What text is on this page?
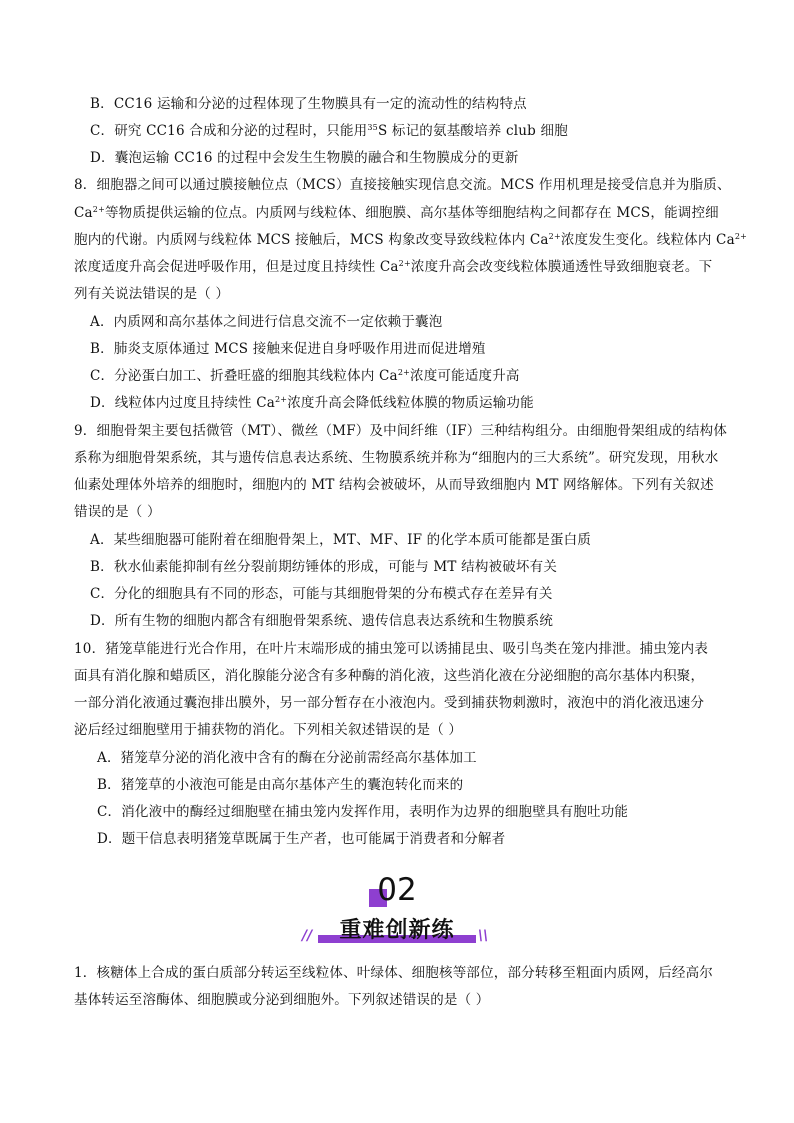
B．CC16 运输和分泌的过程体现了生物膜具有一定的流动性的结构特点
C．研究 CC16 合成和分泌的过程时，只能用$^{35}$S 标记的氨基酸培养 club 细胞
D．囊泡运输 CC16 的过程中会发生生物膜的融合和生物膜成分的更新
8．细胞器之间可以通过膜接触位点（MCS）直接接触实现信息交流。MCS 作用机理是接受信息并为脂质、
$Ca^{2+}$等物质提供运输的位点。内质网与线粒体、细胞膜、高尔基体等细胞结构之间都存在 MCS，能调控细
胞内的代谢。内质网与线粒体 MCS 接触后，MCS 构象改变导致线粒体内 $Ca^{2+}$浓度发生变化。线粒体内 $Ca^{2+}$
浓度适度升高会促进呼吸作用，但是过度且持续性 $Ca^{2+}$浓度升高会改变线粒体膜通透性导致细胞衰老。下
列有关说法错误的是（ ）
A．内质网和高尔基体之间进行信息交流不一定依赖于囊泡
B．肺炎支原体通过 MCS 接触来促进自身呼吸作用进而促进增殖
C．分泌蛋白加工、折叠旺盛的细胞其线粒体内 $Ca^{2+}$浓度可能适度升高
D．线粒体内过度且持续性 $Ca^{2+}$浓度升高会降低线粒体膜的物质运输功能
9．细胞骨架主要包括微管（MT）、微丝（MF）及中间纤维（IF）三种结构组分。由细胞骨架组成的结构体
系称为细胞骨架系统，其与遗传信息表达系统、生物膜系统并称为“细胞内的三大系统”。研究发现，用秋水
仙素处理体外培养的细胞时，细胞内的 MT 结构会被破坏，从而导致细胞内 MT 网络解体。下列有关叙述
错误的是（ ）
A．某些细胞器可能附着在细胞骨架上，MT、MF、IF 的化学本质可能都是蛋白质
B．秋水仙素能抑制有丝分裂前期纺锤体的形成，可能与 MT 结构被破坏有关
C．分化的细胞具有不同的形态，可能与其细胞骨架的分布模式存在差异有关
D．所有生物的细胞内都含有细胞骨架系统、遗传信息表达系统和生物膜系统
10．猪笼草能进行光合作用，在叶片末端形成的捕虫笼可以诱捕昆虫、吸引鸟类在笼内排泄。捕虫笼内表
面具有消化腺和蜡质区，消化腺能分泌含有多种酶的消化液，这些消化液在分泌细胞的高尔基体内积聚，
一部分消化液通过囊泡排出膜外，另一部分暂存在小液泡内。受到捕获物刺激时，液泡中的消化液迅速分
泌后经过细胞壁用于捕获物的消化。下列相关叙述错误的是（ ）
A．猪笼草分泌的消化液中含有的酶在分泌前需经高尔基体加工
B．猪笼草的小液泡可能是由高尔基体产生的囊泡转化而来的
C．消化液中的酶经过细胞壁在捕虫笼内发挥作用，表明作为边界的细胞壁具有胞吐功能
D．题干信息表明猪笼草既属于生产者，也可能属于消费者和分解者
02
//	重难创新练	\\
1．核糖体上合成的蛋白质部分转运至线粒体、叶绿体、细胞核等部位，部分转移至粗面内质网，后经高尔
基体转运至溶酶体、细胞膜或分泌到细胞外。下列叙述错误的是（ ）
